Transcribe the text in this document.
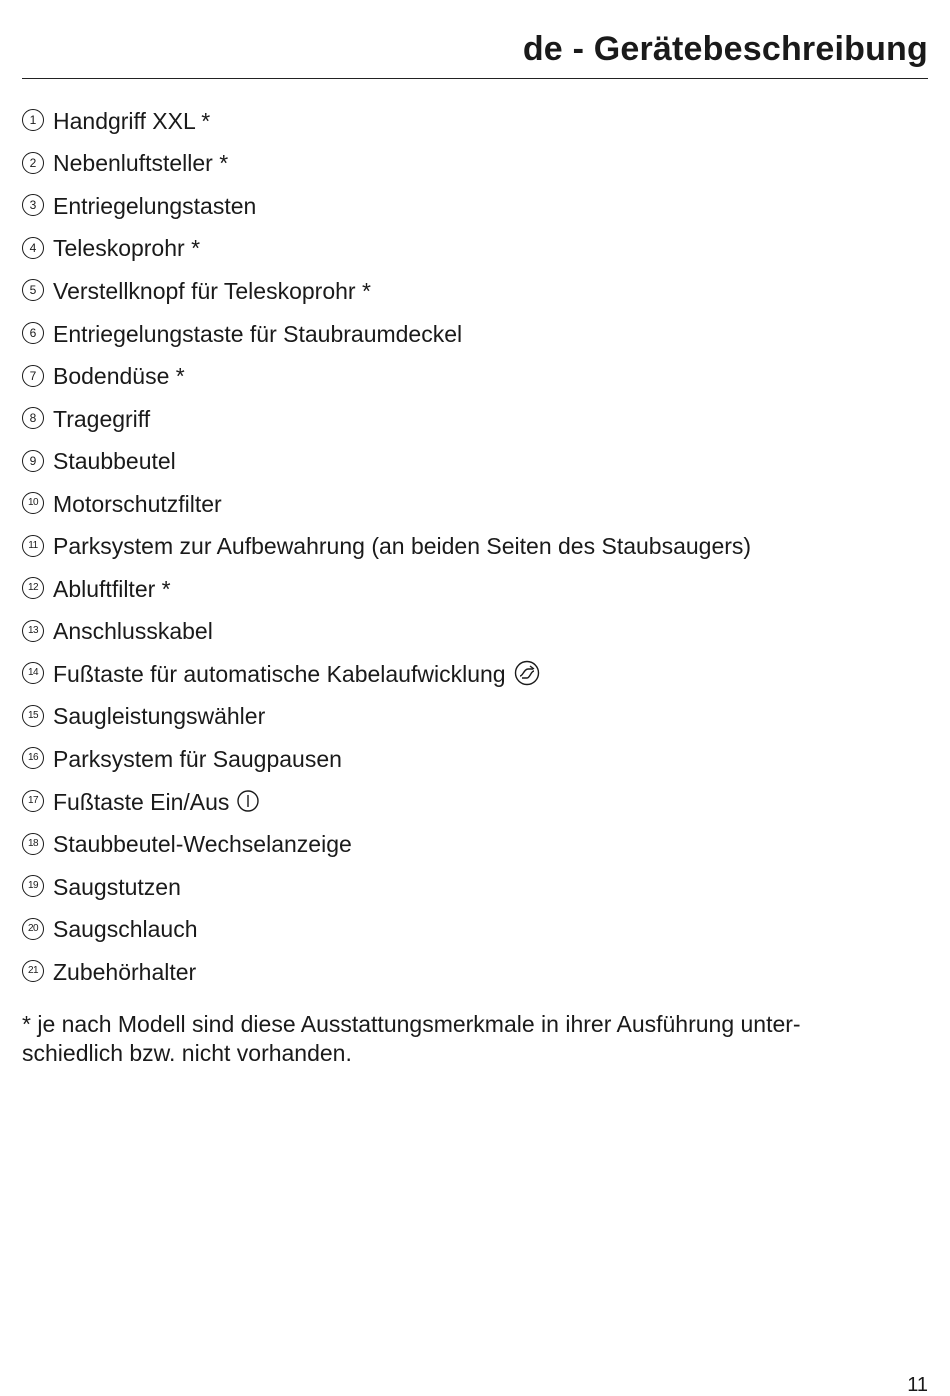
de - Gerätebeschreibung
1 Handgriff XXL *
2 Nebenluftsteller *
3 Entriegelungstasten
4 Teleskoprohr *
5 Verstellknopf für Teleskoprohr *
6 Entriegelungstaste für Staubraumdeckel
7 Bodendüse *
8 Tragegriff
9 Staubbeutel
10 Motorschutzfilter
11 Parksystem zur Aufbewahrung (an beiden Seiten des Staubsaugers)
12 Abluftfilter *
13 Anschlusskabel
14 Fußtaste für automatische Kabelaufwicklung
15 Saugleistungswähler
16 Parksystem für Saugpausen
17 Fußtaste Ein/Aus
18 Staubbeutel-Wechselanzeige
19 Saugstutzen
20 Saugschlauch
21 Zubehörhalter

* je nach Modell sind diese Ausstattungsmerkmale in ihrer Ausführung unter-
schiedlich bzw. nicht vorhanden.

11
